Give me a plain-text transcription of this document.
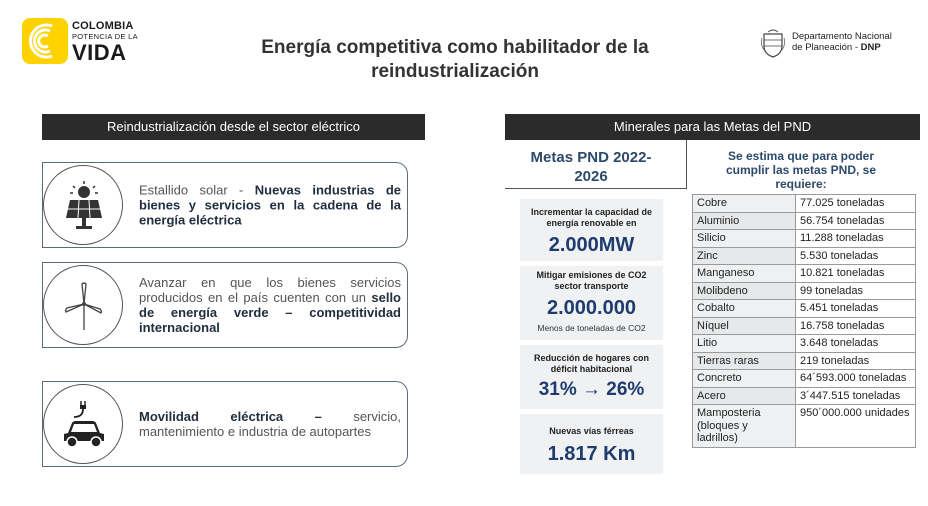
COLOMBIA
POTENCIA DE LA
VIDA	Energía competitiva como habilitador de la
reindustrialización
Departamento Nacional
de Planeación - DNP
Reindustrialización desde el sector eléctrico
Estallido solar - Nuevas industrias de bienes y servicios en la cadena de la energía eléctrica
Avanzar en que los bienes servicios producidos en el país cuenten con un sello de energía verde – competitividad internacional
Movilidad eléctrica – servicio, mantenimiento e industria de autopartes
Minerales para las Metas del PND
Metas PND 2022-
2026
Se estima que para poder
cumplir las metas PND, se
requiere:
Incrementar la capacidad de energía renovable en
2.000MW
Mitigar emisiones de CO2 sector transporte
2.000.000
Menos de toneladas de CO2
Reducción de hogares con déficit habitacional
31% → 26%
Nuevas vías férreas
1.817 Km
Cobre	77.025 toneladas
Aluminio	56.754 toneladas
Silicio	11.288 toneladas
Zinc	5.530 toneladas
Manganeso	10.821 toneladas
Molibdeno	99 toneladas
Cobalto	5.451 toneladas
Níquel	16.758 toneladas
Litio	3.648 toneladas
Tierras raras	219 toneladas
Concreto	64´593.000 toneladas
Acero	3´447.515 toneladas
Mamposteria (bloques y ladrillos)	950´000.000 unidades
